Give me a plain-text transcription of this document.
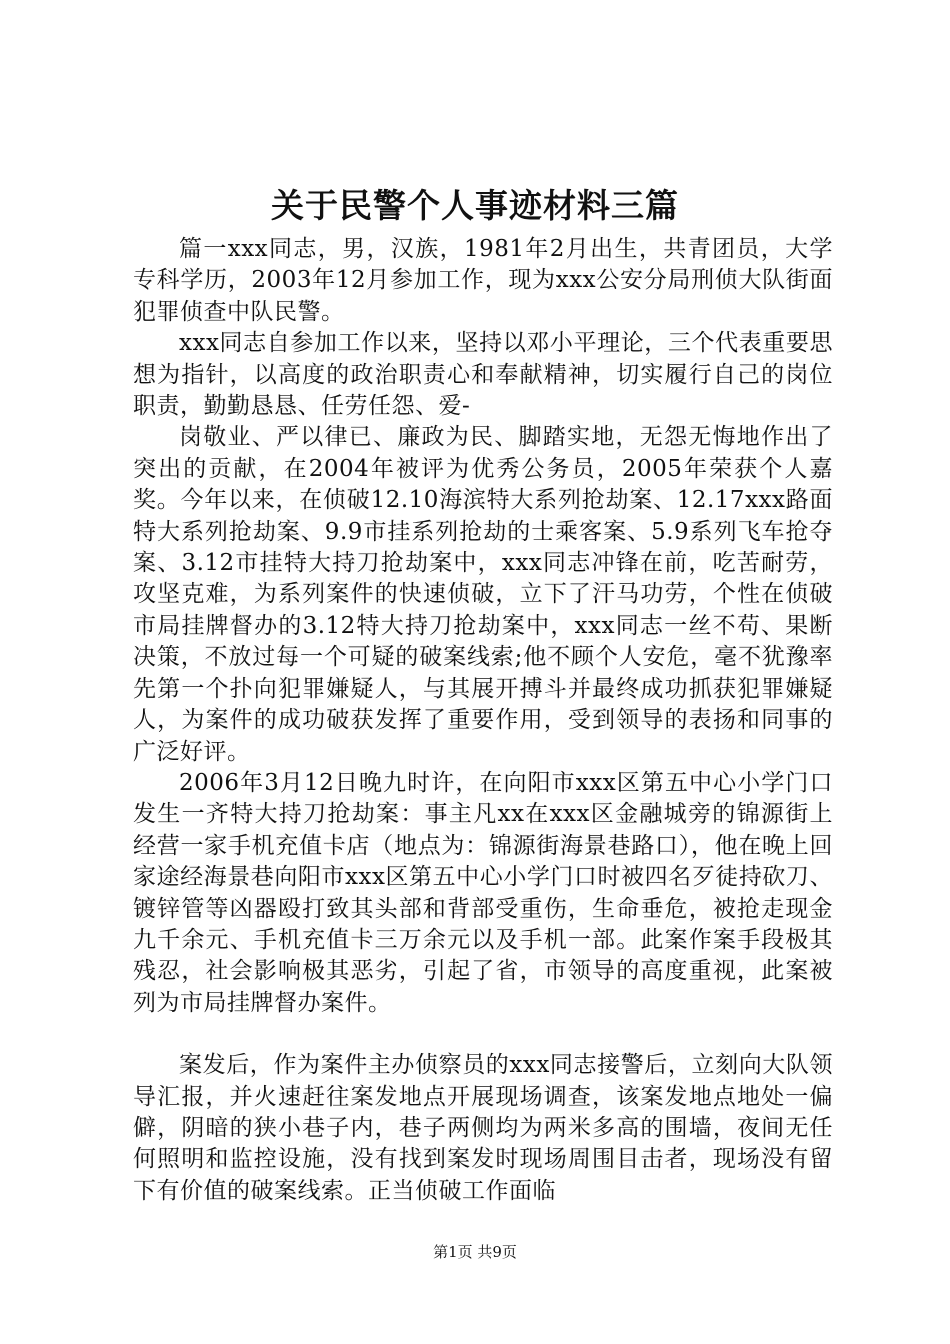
关于民警个人事迹材料三篇

篇一xxx同志，男，汉族，1981年2月出生，共青团员，大学专科学历，2003年12月参加工作，现为xxx公安分局刑侦大队街面犯罪侦查中队民警。

xxx同志自参加工作以来，坚持以邓小平理论，三个代表重要思想为指针，以高度的政治职责心和奉献精神，切实履行自己的岗位职责，勤勤恳恳、任劳任怨、爱-

岗敬业、严以律已、廉政为民、脚踏实地，无怨无悔地作出了突出的贡献，在2004年被评为优秀公务员，2005年荣获个人嘉奖。今年以来，在侦破12.10海滨特大系列抢劫案、12.17xxx路面特大系列抢劫案、9.9市挂系列抢劫的士乘客案、5.9系列飞车抢夺案、3.12市挂特大持刀抢劫案中，xxx同志冲锋在前，吃苦耐劳，攻坚克难，为系列案件的快速侦破，立下了汗马功劳，个性在侦破市局挂牌督办的3.12特大持刀抢劫案中，xxx同志一丝不苟、果断决策，不放过每一个可疑的破案线索;他不顾个人安危，毫不犹豫率先第一个扑向犯罪嫌疑人，与其展开搏斗并最终成功抓获犯罪嫌疑人，为案件的成功破获发挥了重要作用，受到领导的表扬和同事的广泛好评。

2006年3月12日晚九时许，在向阳市xxx区第五中心小学门口发生一齐特大持刀抢劫案：事主凡xx在xxx区金融城旁的锦源街上经营一家手机充值卡店（地点为：锦源街海景巷路口），他在晚上回家途经海景巷向阳市xxx区第五中心小学门口时被四名歹徒持砍刀、镀锌管等凶器殴打致其头部和背部受重伤，生命垂危，被抢走现金九千余元、手机充值卡三万余元以及手机一部。此案作案手段极其残忍，社会影响极其恶劣，引起了省，市领导的高度重视，此案被列为市局挂牌督办案件。

案发后，作为案件主办侦察员的xxx同志接警后，立刻向大队领导汇报，并火速赶往案发地点开展现场调查，该案发地点地处一偏僻，阴暗的狭小巷子内，巷子两侧均为两米多高的围墙，夜间无任何照明和监控设施，没有找到案发时现场周围目击者，现场没有留下有价值的破案线索。正当侦破工作面临

第1页 共9页
